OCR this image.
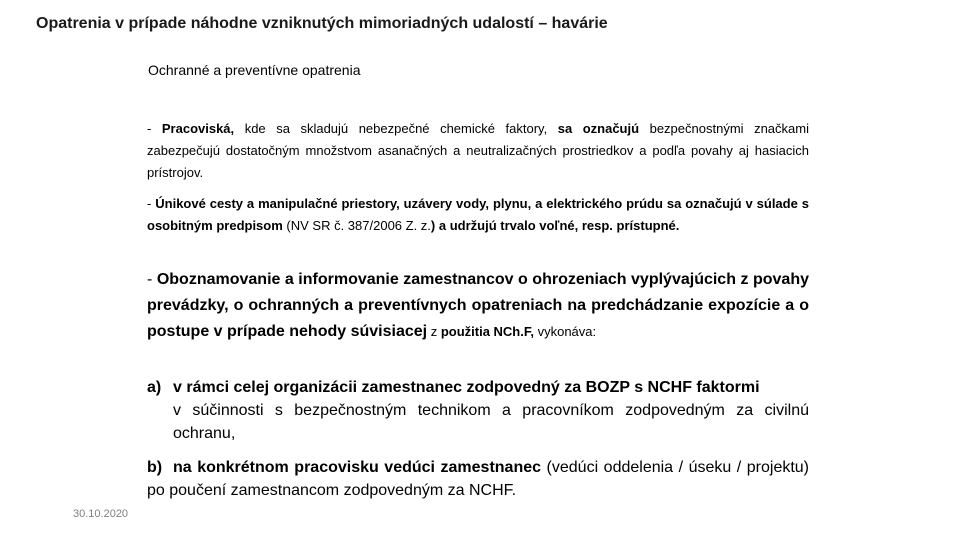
Opatrenia v prípade náhodne vzniknutých mimoriadných udalostí – havárie
Ochranné a preventívne opatrenia
- Pracoviská, kde sa skladujú nebezpečné chemické faktory, sa označujú bezpečnostnými značkami zabezpečujú dostatočným množstvom asanačných a neutralizačných prostriedkov a podľa povahy aj hasiacich prístrojov.
- Únikové cesty a manipulačné priestory, uzávery vody, plynu, a elektrického prúdu sa označujú v súlade s osobitným predpisom (NV SR č. 387/2006 Z. z.) a udržujú trvalo voľné, resp. prístupné.
- Oboznamovanie a informovanie zamestnancov o ohrozeniach vyplývajúcich z povahy prevádzky, o ochranných a preventívnych opatreniach na predchádzanie expozície a o postupe v prípade nehody súvisiacej z použitia NCh.F, vykonáva:
a) v rámci celej organizácii zamestnanec zodpovedný za BOZP s NCHF faktormi
v súčinnosti s bezpečnostným technikom a pracovníkom zodpovedným za civilnú ochranu,
b) na konkrétnom pracovisku vedúci zamestnanec (vedúci oddelenia / úseku / projektu) po poučení zamestnancom zodpovedným za NCHF.
30.10.2020
